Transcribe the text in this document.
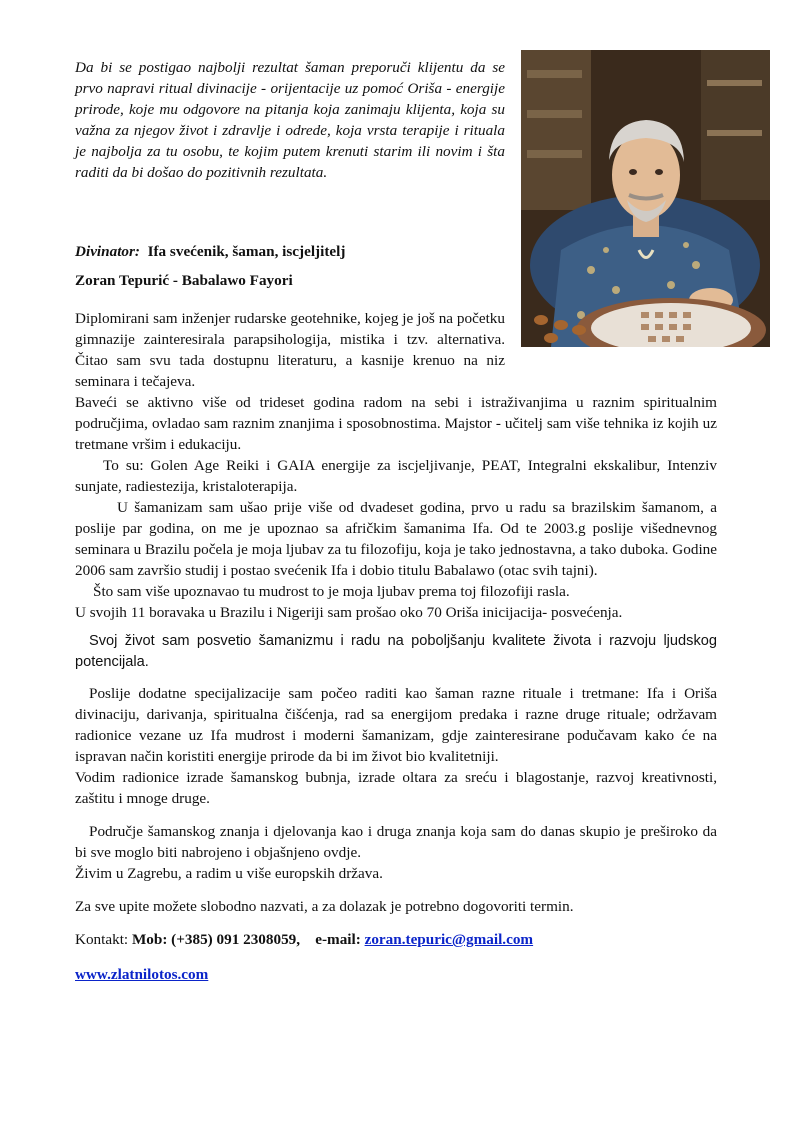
Da bi se postigao najbolji rezultat šaman preporuči klijentu da se prvo napravi ritual divinacije - orijentacije uz pomoć Oriša - energije prirode, koje mu odgovore na pitanja koja zanimaju klijenta, koja su važna za njegov život i zdravlje i odrede, koja vrsta terapije i rituala je najbolja za tu osobu, te kojim putem krenuti starim ili novim i šta raditi da bi došao do pozitivnih rezultata.

Divinator: Ifa svećenik, šaman, iscjeljitelj

Zoran Tepurić - Babalawo Fayori

Diplomirani sam inženjer rudarske geotehnike, kojeg je još na početku gimnazije zainteresirala parapsihologija, mistika i tzv. alternativa. Čitao sam svu tada dostupnu literaturu, a kasnije krenuo na niz seminara i tečajeva.

Baveći se aktivno više od trideset godina radom na sebi i istraživanjima u raznim spiritualnim područjima, ovladao sam raznim znanjima i sposobnostima. Majstor - učitelj sam više tehnika iz kojih uz tretmane vršim i edukaciju.

To su: Golen Age Reiki i GAIA energije za iscjeljivanje, PEAT, Integralni ekskalibur, Intenziv sunjate, radiestezija, kristaloterapija.

U šamanizam sam ušao prije više od dvadeset godina, prvo u radu sa brazilskim šamanom, a poslije par godina, on me je upoznao sa afričkim šamanima Ifa. Od te 2003.g poslije višednevnog seminara u Brazilu počela je moja ljubav za tu filozofiju, koja je tako jednostavna, a tako duboka. Godine 2006 sam završio studij i postao svećenik Ifa i dobio titulu Babalawo (otac svih tajni).

Što sam više upoznavao tu mudrost to je moja ljubav prema toj filozofiji rasla.

U svojih 11 boravaka u Brazilu i Nigeriji sam prošao oko 70 Oriša inicijacija- posvećenja.

Svoj život sam posvetio šamanizmu i radu na poboljšanju kvalitete života i razvoju ljudskog potencijala.

Poslije dodatne specijalizacije sam počeo raditi kao šaman razne rituale i tretmane: Ifa i Oriša divinaciju, darivanja, spiritualna čišćenja, rad sa energijom predaka i razne druge rituale; održavam radionice vezane uz Ifa mudrost i moderni šamanizam, gdje zainteresirane podučavam kako će na ispravan način koristiti energije prirode da bi im život bio kvalitetniji.

Vodim radionice izrade šamanskog bubnja, izrade oltara za sreću i blagostanje, razvoj kreativnosti, zaštitu i mnoge druge.

Područje šamanskog znanja i djelovanja kao i druga znanja koja sam do danas skupio je preširoko da bi sve moglo biti nabrojeno i objašnjeno ovdje.

Živim u Zagrebu, a radim u više europskih država.

Za sve upite možete slobodno nazvati, a za dolazak je potrebno dogovoriti termin.

Kontakt: Mob: (+385) 091 2308059, e-mail: zoran.tepuric@gmail.com

www.zlatnilotos.com
